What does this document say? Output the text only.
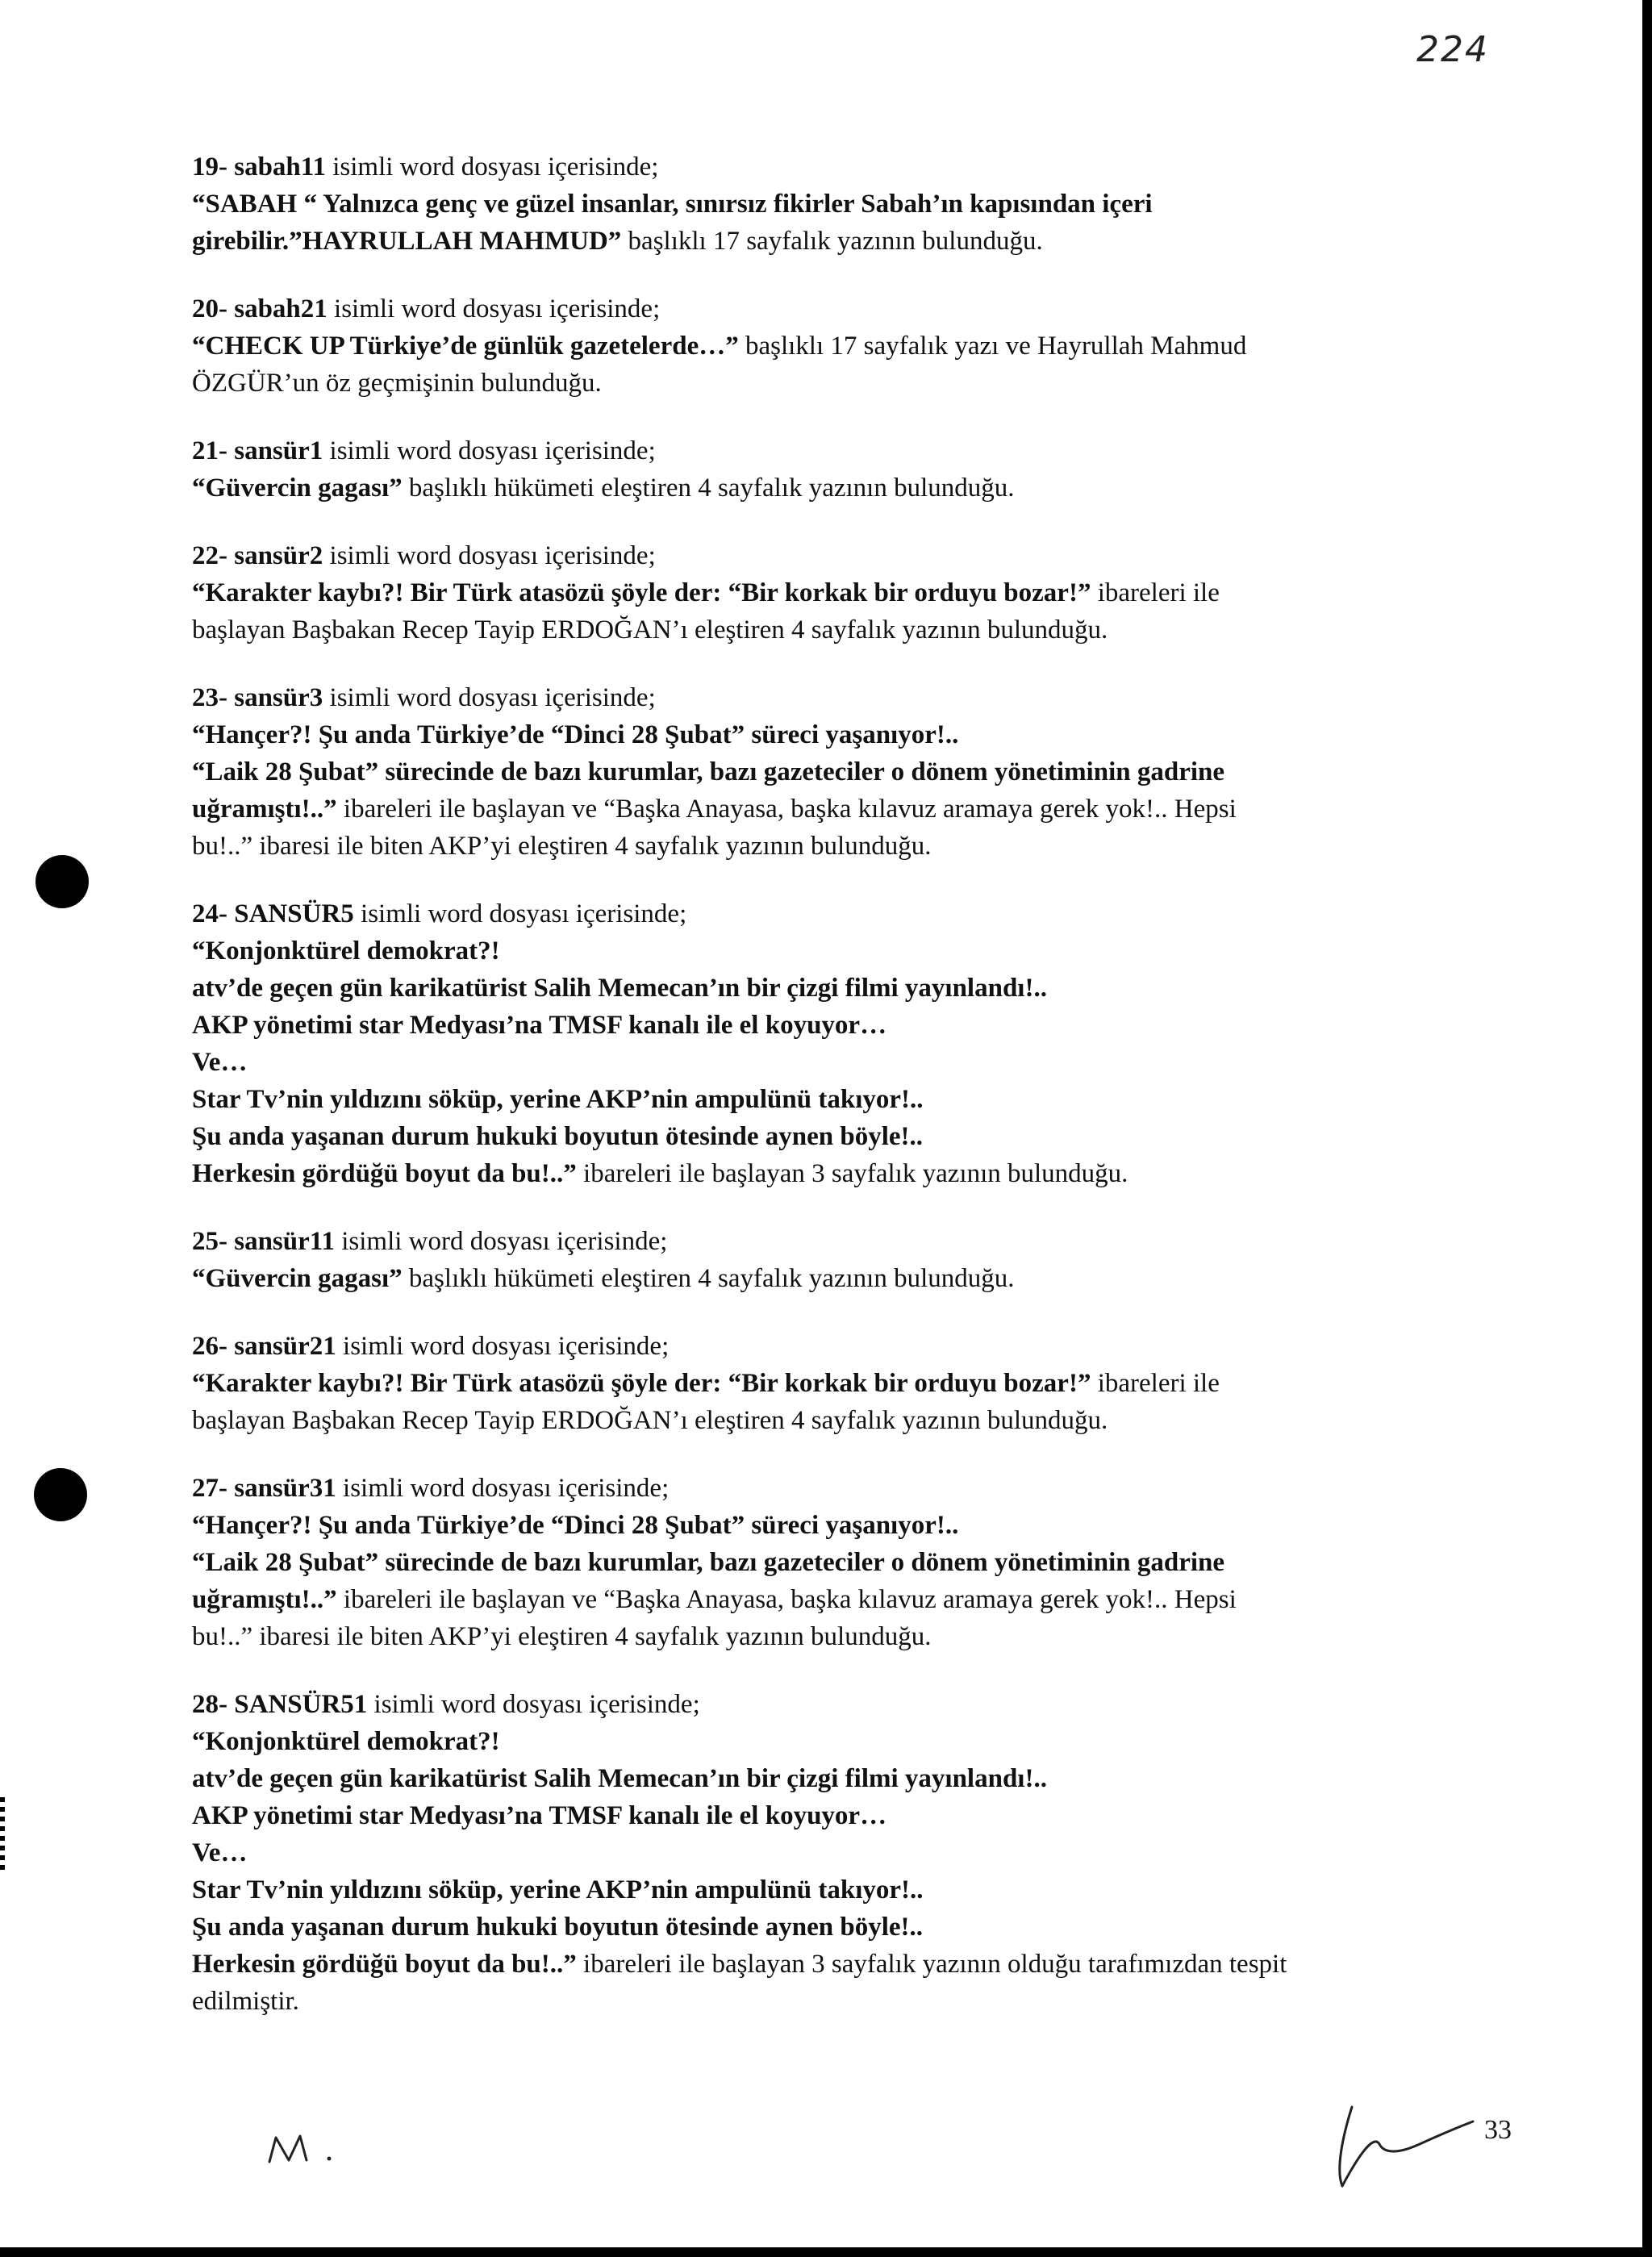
224
19- sabah11 isimli word dosyası içerisinde;
“SABAH “ Yalnızca genç ve güzel insanlar, sınırsız fikirler Sabah’ın kapısından içeri
girebilir.”HAYRULLAH MAHMUD” başlıklı 17 sayfalık yazının bulunduğu.
20- sabah21 isimli word dosyası içerisinde;
“CHECK UP Türkiye’de günlük gazetelerde…” başlıklı 17 sayfalık yazı ve Hayrullah Mahmud
ÖZGÜR’un öz geçmişinin bulunduğu.
21- sansür1 isimli word dosyası içerisinde;
“Güvercin gagası” başlıklı hükümeti eleştiren 4 sayfalık yazının bulunduğu.
22- sansür2 isimli word dosyası içerisinde;
“Karakter kaybı?! Bir Türk atasözü şöyle der: “Bir korkak bir orduyu bozar!” ibareleri ile
başlayan Başbakan Recep Tayip ERDOĞAN’ı eleştiren 4 sayfalık yazının bulunduğu.
23- sansür3 isimli word dosyası içerisinde;
“Hançer?! Şu anda Türkiye’de “Dinci 28 Şubat” süreci yaşanıyor!..
“Laik 28 Şubat” sürecinde de bazı kurumlar, bazı gazeteciler o dönem yönetiminin gadrine
uğramıştı!..” ibareleri ile başlayan ve “Başka Anayasa, başka kılavuz aramaya gerek yok!.. Hepsi
bu!..” ibaresi ile biten AKP’yi eleştiren 4 sayfalık yazının bulunduğu.
24- SANSÜR5 isimli word dosyası içerisinde;
“Konjonktürel demokrat?!
atv’de geçen gün karikatürist Salih Memecan’ın bir çizgi filmi yayınlandı!..
AKP yönetimi star Medyası’na TMSF kanalı ile el koyuyor…
Ve…
Star Tv’nin yıldızını söküp, yerine AKP’nin ampulünü takıyor!..
Şu anda yaşanan durum hukuki boyutun ötesinde aynen böyle!..
Herkesin gördüğü boyut da bu!..” ibareleri ile başlayan 3 sayfalık yazının bulunduğu.
25- sansür11 isimli word dosyası içerisinde;
“Güvercin gagası” başlıklı hükümeti eleştiren 4 sayfalık yazının bulunduğu.
26- sansür21 isimli word dosyası içerisinde;
“Karakter kaybı?! Bir Türk atasözü şöyle der: “Bir korkak bir orduyu bozar!” ibareleri ile
başlayan Başbakan Recep Tayip ERDOĞAN’ı eleştiren 4 sayfalık yazının bulunduğu.
27- sansür31 isimli word dosyası içerisinde;
“Hançer?! Şu anda Türkiye’de “Dinci 28 Şubat” süreci yaşanıyor!..
“Laik 28 Şubat” sürecinde de bazı kurumlar, bazı gazeteciler o dönem yönetiminin gadrine
uğramıştı!..” ibareleri ile başlayan ve “Başka Anayasa, başka kılavuz aramaya gerek yok!.. Hepsi
bu!..” ibaresi ile biten AKP’yi eleştiren 4 sayfalık yazının bulunduğu.
28- SANSÜR51 isimli word dosyası içerisinde;
“Konjonktürel demokrat?!
atv’de geçen gün karikatürist Salih Memecan’ın bir çizgi filmi yayınlandı!..
AKP yönetimi star Medyası’na TMSF kanalı ile el koyuyor…
Ve…
Star Tv’nin yıldızını söküp, yerine AKP’nin ampulünü takıyor!..
Şu anda yaşanan durum hukuki boyutun ötesinde aynen böyle!..
Herkesin gördüğü boyut da bu!..” ibareleri ile başlayan 3 sayfalık yazının olduğu tarafımızdan tespit
edilmiştir.
33
